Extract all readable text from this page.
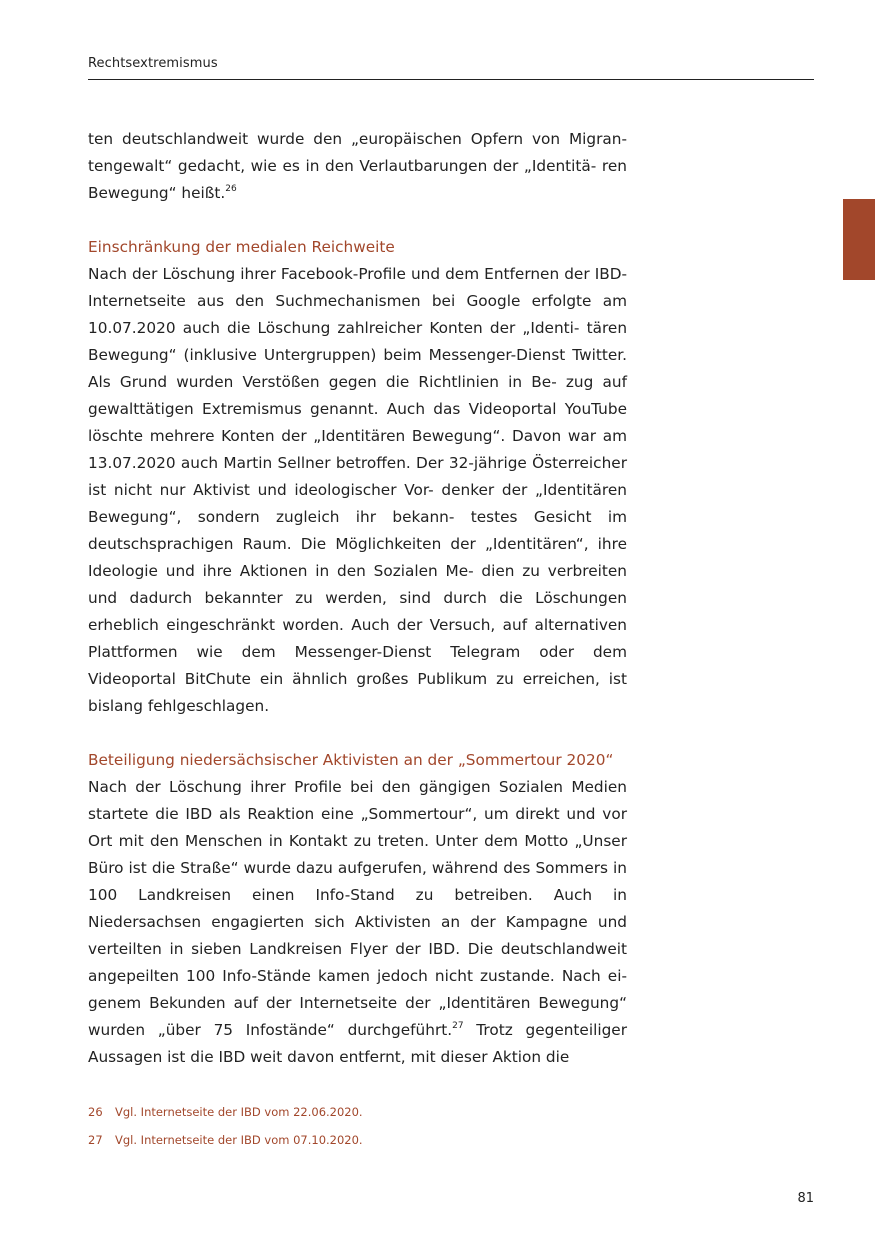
Rechtsextremismus

ten deutschlandweit wurde den „europäischen Opfern von Migran- tengewalt“ gedacht, wie es in den Verlautbarungen der „Identitä- ren Bewegung“ heißt.$^{26}$

Einschränkung der medialen Reichweite

Nach der Löschung ihrer Facebook-Profile und dem Entfernen der IBD-Internetseite aus den Suchmechanismen bei Google erfolgte am 10.07.2020 auch die Löschung zahlreicher Konten der „Identi- tären Bewegung“ (inklusive Untergruppen) beim Messenger-Dienst Twitter. Als Grund wurden Verstößen gegen die Richtlinien in Be- zug auf gewalttätigen Extremismus genannt. Auch das Videoportal YouTube löschte mehrere Konten der „Identitären Bewegung“. Davon war am 13.07.2020 auch Martin Sellner betroffen. Der 32-jährige Österreicher ist nicht nur Aktivist und ideologischer Vor- denker der „Identitären Bewegung“, sondern zugleich ihr bekann- testes Gesicht im deutschsprachigen Raum. Die Möglichkeiten der „Identitären“, ihre Ideologie und ihre Aktionen in den Sozialen Me- dien zu verbreiten und dadurch bekannter zu werden, sind durch die Löschungen erheblich eingeschränkt worden. Auch der Versuch, auf alternativen Plattformen wie dem Messenger-Dienst Telegram oder dem Videoportal BitChute ein ähnlich großes Publikum zu erreichen, ist bislang fehlgeschlagen.

Beteiligung niedersächsischer Aktivisten an der „Sommertour 2020“

Nach der Löschung ihrer Profile bei den gängigen Sozialen Medien startete die IBD als Reaktion eine „Sommertour“, um direkt und vor Ort mit den Menschen in Kontakt zu treten. Unter dem Motto „Unser Büro ist die Straße“ wurde dazu aufgerufen, während des Sommers in 100 Landkreisen einen Info-Stand zu betreiben. Auch in Niedersachsen engagierten sich Aktivisten an der Kampagne und verteilten in sieben Landkreisen Flyer der IBD. Die deutschlandweit angepeilten 100 Info-Stände kamen jedoch nicht zustande. Nach ei- genem Bekunden auf der Internetseite der „Identitären Bewegung“ wurden „über 75 Infostände“ durchgeführt.$^{27}$ Trotz gegenteiliger Aussagen ist die IBD weit davon entfernt, mit dieser Aktion die

26 Vgl. Internetseite der IBD vom 22.06.2020.
27 Vgl. Internetseite der IBD vom 07.10.2020.
81
